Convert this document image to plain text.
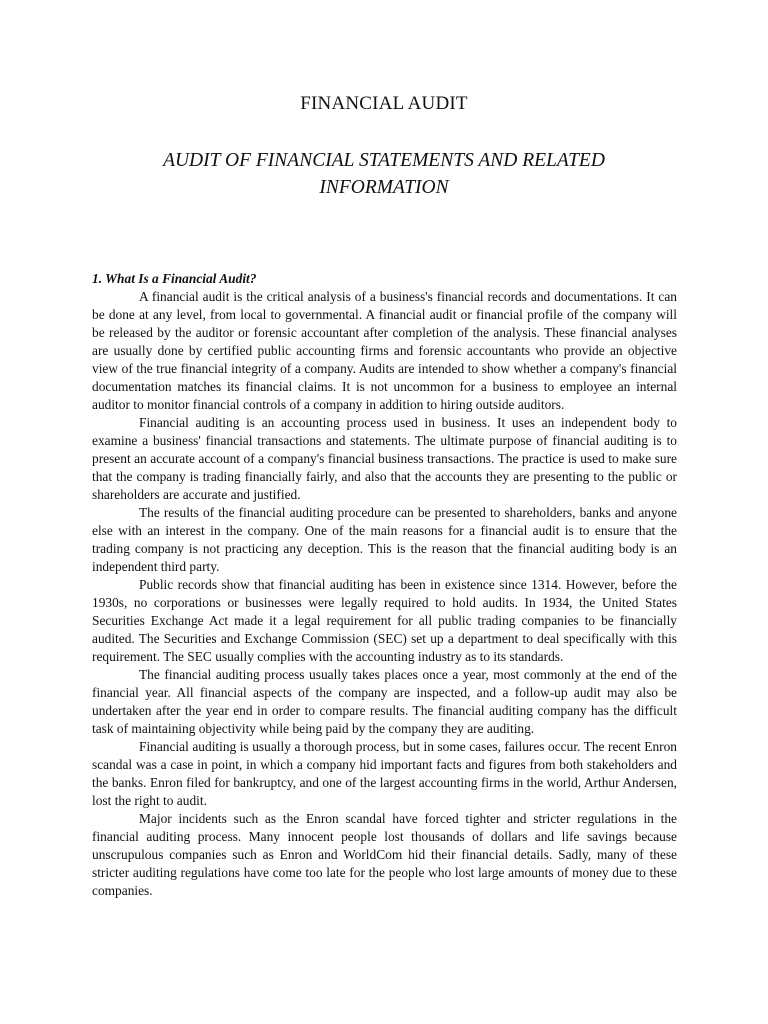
FINANCIAL AUDIT
AUDIT OF FINANCIAL STATEMENTS AND RELATED INFORMATION

1. What Is a Financial Audit?

A financial audit is the critical analysis of a business's financial records and documentations. It can be done at any level, from local to governmental. A financial audit or financial profile of the company will be released by the auditor or forensic accountant after completion of the analysis. These financial analyses are usually done by certified public accounting firms and forensic accountants who provide an objective view of the true financial integrity of a company. Audits are intended to show whether a company's financial documentation matches its financial claims. It is not uncommon for a business to employee an internal auditor to monitor financial controls of a company in addition to hiring outside auditors.

Financial auditing is an accounting process used in business. It uses an independent body to examine a business' financial transactions and statements. The ultimate purpose of financial auditing is to present an accurate account of a company's financial business transactions. The practice is used to make sure that the company is trading financially fairly, and also that the accounts they are presenting to the public or shareholders are accurate and justified.

The results of the financial auditing procedure can be presented to shareholders, banks and anyone else with an interest in the company. One of the main reasons for a financial audit is to ensure that the trading company is not practicing any deception. This is the reason that the financial auditing body is an independent third party.

Public records show that financial auditing has been in existence since 1314. However, before the 1930s, no corporations or businesses were legally required to hold audits. In 1934, the United States Securities Exchange Act made it a legal requirement for all public trading companies to be financially audited. The Securities and Exchange Commission (SEC) set up a department to deal specifically with this requirement. The SEC usually complies with the accounting industry as to its standards.

The financial auditing process usually takes places once a year, most commonly at the end of the financial year. All financial aspects of the company are inspected, and a follow-up audit may also be undertaken after the year end in order to compare results. The financial auditing company has the difficult task of maintaining objectivity while being paid by the company they are auditing.

Financial auditing is usually a thorough process, but in some cases, failures occur. The recent Enron scandal was a case in point, in which a company hid important facts and figures from both stakeholders and the banks. Enron filed for bankruptcy, and one of the largest accounting firms in the world, Arthur Andersen, lost the right to audit.

Major incidents such as the Enron scandal have forced tighter and stricter regulations in the financial auditing process. Many innocent people lost thousands of dollars and life savings because unscrupulous companies such as Enron and WorldCom hid their financial details. Sadly, many of these stricter auditing regulations have come too late for the people who lost large amounts of money due to these companies.
